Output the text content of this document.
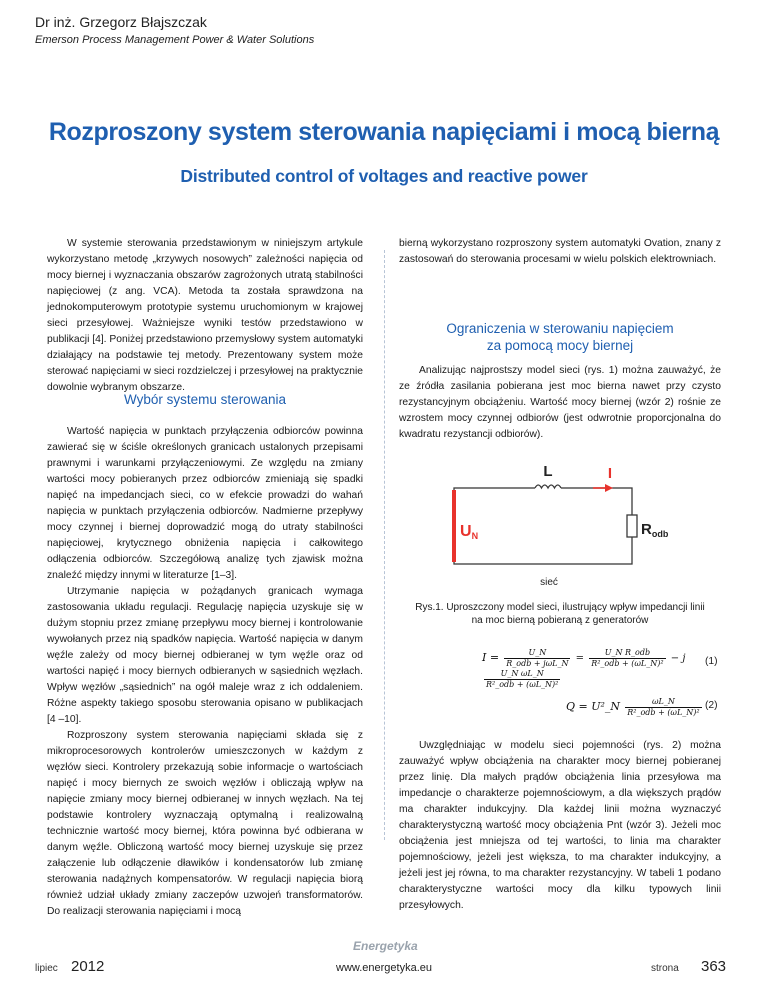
Dr inż. Grzegorz Błajszczak
Emerson Process Management Power & Water Solutions
Rozproszony system sterowania napięciami i mocą bierną
Distributed control of voltages and reactive power

W systemie sterowania przedstawionym w niniejszym artykule wykorzystano metodę „krzywych nosowych” zależności napięcia od mocy biernej i wyznaczania obszarów zagrożonych utratą stabilności napięciowej (z ang. VCA). Metoda ta została sprawdzona na jednokomputerowym prototypie systemu uruchomionym w krajowej sieci przesyłowej. Ważniejsze wyniki testów przedstawiono w publikacji [4]. Poniżej przedstawiono przemysłowy system automatyki działający na podstawie tej metody. Prezentowany system może sterować napięciami w sieci rozdzielczej i przesyłowej na praktycznie dowolnie wybranym obszarze.

Wybór systemu sterowania

Wartość napięcia w punktach przyłączenia odbiorców powinna zawierać się w ściśle określonych granicach ustalonych przepisami prawnymi i warunkami przyłączeniowymi. Ze względu na zmiany wartości mocy pobieranych przez odbiorców zmieniają się spadki napięć na impedancjach sieci, co w efekcie prowadzi do wahań napięcia w punktach przyłączenia odbiorców. Nadmierne przepływy mocy czynnej i biernej doprowadzić mogą do utraty stabilności napięciowej, krytycznego obniżenia napięcia i całkowitego odłączenia odbiorców. Szczegółową analizę tych zjawisk można znaleźć między innymi w literaturze [1–3].

Utrzymanie napięcia w pożądanych granicach wymaga zastosowania układu regulacji. Regulację napięcia uzyskuje się w dużym stopniu przez zmianę przepływu mocy biernej i kontrolowanie wywołanych przez nią spadków napięcia. Wartość napięcia w danym węźle zależy od mocy biernej odbieranej w tym węźle oraz od wartości napięć i mocy biernych odbieranych w sąsiednich węzłach. Wpływ węzłów „sąsiednich” na ogół maleje wraz z ich oddaleniem. Różne aspekty takiego sposobu sterowania opisano w publikacjach [4 –10].

Rozproszony system sterowania napięciami składa się z mikroprocesorowych kontrolerów umieszczonych w każdym z węzłów sieci. Kontrolery przekazują sobie informacje o wartościach napięć i mocy biernych ze swoich węzłów i obliczają wpływ na napięcie zmiany mocy biernej odbieranej w innych węzłach. Na tej podstawie kontrolery wyznaczają optymalną i realizowalną technicznie wartość mocy biernej, która powinna być odbierana w danym węźle. Obliczoną wartość mocy biernej uzyskuje się przez załączenie lub odłączenie dławików i kondensatorów lub zmianę sterowania nadążnych kompensatorów. W regulacji napięcia biorą również udział układy zmiany zaczepów uzwojeń transformatorów. Do realizacji sterowania napięciami i mocą

bierną wykorzystano rozproszony system automatyki Ovation, znany z zastosowań do sterowania procesami w wielu polskich elektrowniach.

Ograniczenia w sterowaniu napięciem
za pomocą mocy biernej

Analizując najprostszy model sieci (rys. 1) można zauważyć, że ze źródła zasilania pobierana jest moc bierna nawet przy czysto rezystancyjnym obciążeniu. Wartość mocy biernej (wzór 2) rośnie ze wzrostem mocy czynnej odbiorów (jest odwrotnie proporcjonalna do kwadratu rezystancji odbiorów).

L	I
UN	$R_{odb}$
sieć
Rys.1. Uproszczony model sieci, ilustrujący wpływ impedancji linii
na moc bierną pobieraną z generatorów
$I = \frac{U\_N}{\text{R\_odb + jωL\_N}} = \frac{\text{U\_N R\_odb}}{\text{R²\_odb + (ωL\_N)²}} - j$
$\frac{\text{U\_N ωL\_N}}{\text{R²\_odb + (ωL\_N)²}}$
(1)
Q = U²_N $\frac{\omega L\_N}{\text{R²\_odb + (ωL\_N)²}} (2)$

Uwzględniając w modelu sieci pojemności (rys. 2) można zauważyć wpływ obciążenia na charakter mocy biernej pobieranej przez linię. Dla małych prądów obciążenia linia przesyłowa ma impedancje o charakterze pojemnościowym, a dla większych prądów ma charakter indukcyjny. Dla każdej linii można wyznaczyć charakterystyczną wartość mocy obciążenia Pnt (wzór 3). Jeżeli moc obciążenia jest mniejsza od tej wartości, to linia ma charakter pojemnościowy, jeżeli jest większa, to ma charakter indukcyjny, a jeżeli jest jej równa, to ma charakter rezystancyjny. W tabeli 1 podano charakterystyczne wartości mocy dla kilku typowych linii przesyłowych.

lipiec 2012
Energetyka
www.energetyka.eu	strona 363
